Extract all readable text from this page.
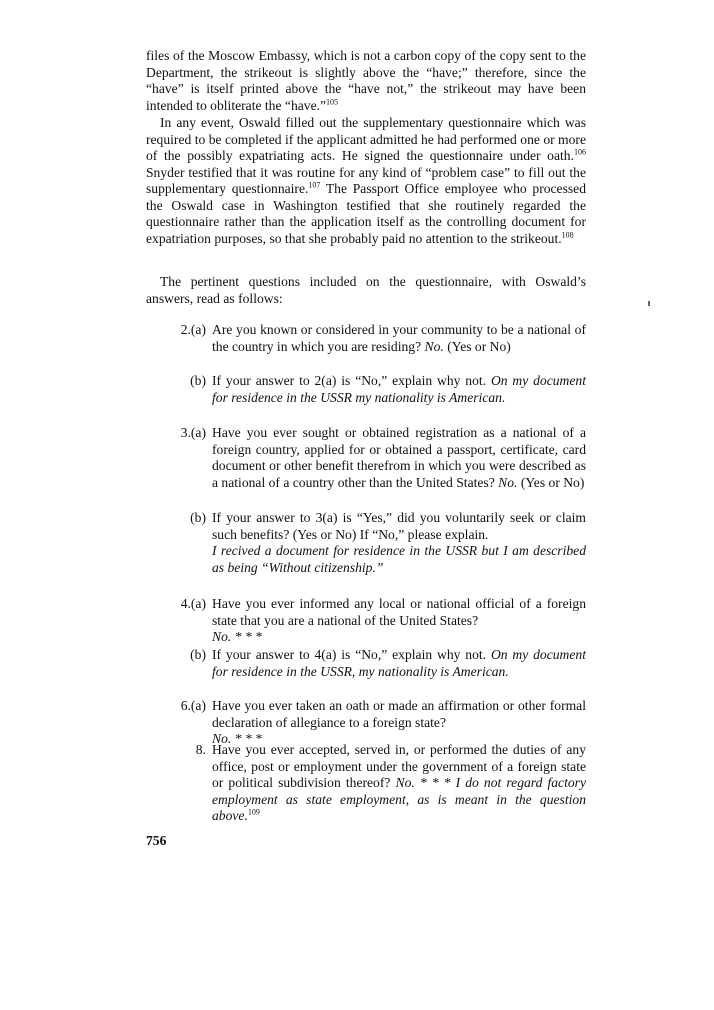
files of the Moscow Embassy, which is not a carbon copy of the copy sent to the Department, the strikeout is slightly above the “have;” therefore, since the “have” is itself printed above the “have not,” the strikeout may have been intended to obliterate the “have.”$^{105}$
In any event, Oswald filled out the supplementary questionnaire which was required to be completed if the applicant admitted he had performed one or more of the possibly expatriating acts. He signed the questionnaire under oath.$^{106}$ Snyder testified that it was routine for any kind of “problem case” to fill out the supplementary questionnaire.$^{107}$ The Passport Office employee who processed the Oswald case in Washington testified that she routinely regarded the questionnaire rather than the application itself as the controlling document for expatriation purposes, so that she probably paid no attention to the strikeout.$^{108}$
The pertinent questions included on the questionnaire, with Oswald’s answers, read as follows:
2.(a) Are you known or considered in your community to be a national of the country in which you are residing? No. (Yes or No)
(b) If your answer to 2(a) is “No,” explain why not. On my document for residence in the USSR my nationality is American.
3.(a) Have you ever sought or obtained registration as a national of a foreign country, applied for or obtained a passport, certificate, card document or other benefit therefrom in which you were described as a national of a country other than the United States? No. (Yes or No)
(b) If your answer to 3(a) is “Yes,” did you voluntarily seek or claim such benefits? (Yes or No) If “No,” please explain.
I recived a document for residence in the USSR but I am described as being “Without citizenship.”
4.(a) Have you ever informed any local or national official of a foreign state that you are a national of the United States?
No. * * *
(b) If your answer to 4(a) is “No,” explain why not. On my document for residence in the USSR, my nationality is American.
6.(a) Have you ever taken an oath or made an affirmation or other formal declaration of allegiance to a foreign state?
No. * * *
8. Have you ever accepted, served in, or performed the duties of any office, post or employment under the government of a foreign state or political subdivision thereof? No. * * * I do not regard factory employment as state employment, as is meant in the question above.$^{109}$
756
